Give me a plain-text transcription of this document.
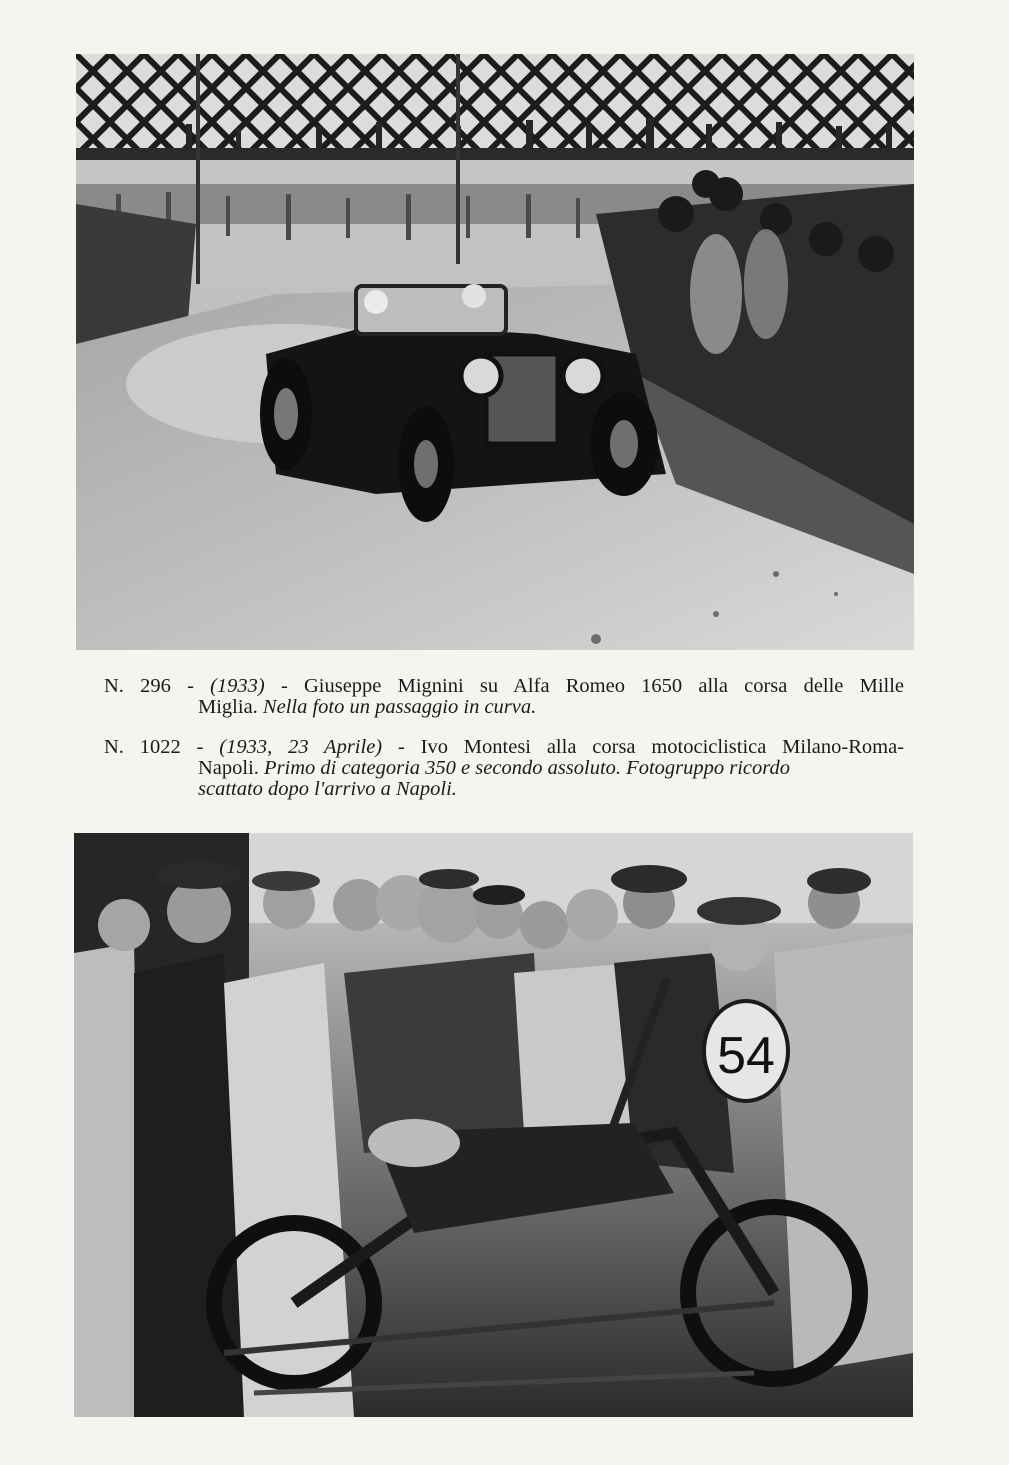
N. 296 - (1933) - Giuseppe Mignini su Alfa Romeo 1650 alla corsa delle Mille
Miglia. Nella foto un passaggio in curva.
N. 1022 - (1933, 23 Aprile) - Ivo Montesi alla corsa motociclistica Milano-Roma-
Napoli. Primo di categoria 350 e secondo assoluto. Fotogruppo ricordo
scattato dopo l'arrivo a Napoli.
54
